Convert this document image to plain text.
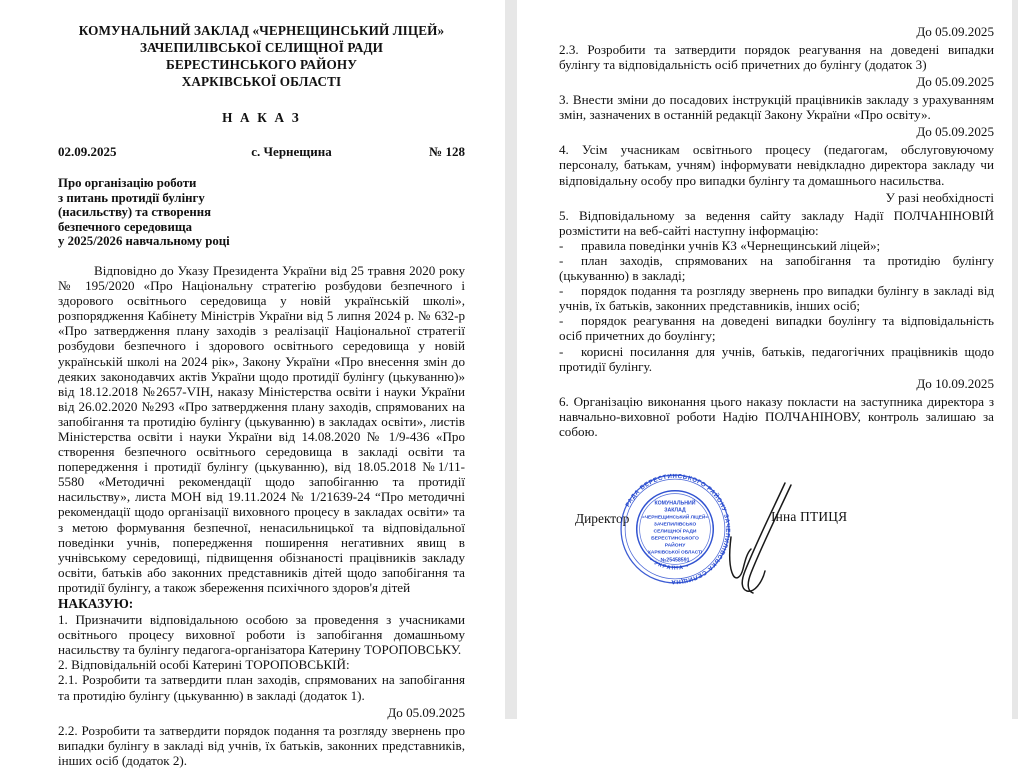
КОМУНАЛЬНИЙ ЗАКЛАД «ЧЕРНЕЩИНСЬКИЙ ЛІЦЕЙ»
ЗАЧЕПИЛІВСЬКОЇ СЕЛИЩНОЇ РАДИ
БЕРЕСТИНСЬКОГО РАЙОНУ
ХАРКІВСЬКОЇ ОБЛАСТІ
Н А К А З
02.09.2025	с. Чернещина	№ 128
Про організацію роботи
з питань протидії булінгу
(насильству) та створення
безпечного середовища
у 2025/2026 навчальному році

Відповідно до Указу Президента України від 25 травня 2020 року № 195/2020 «Про Національну стратегію розбудови безпечного і здорового освітнього середовища у новій українській школі», розпорядження Кабінету Міністрів України від 5 липня 2024 р. № 632-р «Про затвердження плану заходів з реалізації Національної стратегії розбудови безпечного і здорового освітнього середовища у новій українській школі на 2024 рік», Закону України «Про внесення змін до деяких законодавчих актів України щодо протидії булінгу (цькуванню)» від 18.12.2018 №2657-VIH, наказу Міністерства освіти і науки України від 26.02.2020 №293 «Про затвердження плану заходів, спрямованих на запобігання та протидію булінгу (цькуванню) в закладах освіти», листів Міністерства освіти і науки України від 14.08.2020 № 1/9-436 «Про створення безпечного освітнього середовища в закладі освіти та попередження і протидії булінгу (цькуванню), від 18.05.2018 №1/11-5580 «Методичні рекомендації щодо запобіганню та протидії насильству», листа МОН від 19.11.2024 № 1/21639-24 “Про методичні рекомендації щодо організації виховного процесу в закладах освіти» та з метою формування безпечної, ненасильницької та відповідальної поведінки учнів, попередження поширення негативних явищ в учнівському середовищі, підвищення обізнаності працівників закладу освіти, батьків або законних представників дітей щодо запобігання та протидії булінгу, а також збереження психічного здоров'я дітей

НАКАЗУЮ:

1. Призначити відповідальною особою за проведення з учасниками освітнього процесу виховної роботи із запобігання домашньому насильству та булінгу педагога-організатора Катерину ТОРОПОВСЬКУ.

2. Відповідальній особі Катерині ТОРОПОВСЬКІЙ:

2.1. Розробити та затвердити план заходів, спрямованих на запобігання та протидію булінгу (цькуванню) в закладі (додаток 1).

До 05.09.2025

2.2. Розробити та затвердити порядок подання та розгляду звернень про випадки булінгу в закладі від учнів, їх батьків, законних представників, інших осіб (додаток 2).

До 05.09.2025

2.3. Розробити та затвердити порядок реагування на доведені випадки булінгу та відповідальність осіб причетних до булінгу (додаток 3)

До 05.09.2025

3. Внести зміни до посадових інструкцій працівників закладу з урахуванням змін, зазначених в останній редакції Закону України «Про освіту».

До 05.09.2025

4. Усім учасникам освітнього процесу (педагогам, обслуговуючому персоналу, батькам, учням) інформувати невідкладно директора закладу чи відповідальну особу про випадки булінгу та домашнього насильства.

У разі необхідності

5. Відповідальному за ведення сайту закладу Надії ПОЛЧАНІНОВІЙ розмістити на веб-сайті наступну інформацію:

- правила поведінки учнів КЗ «Чернещинський ліцей»;

- план заходів, спрямованих на запобігання та протидію булінгу (цькуванню) в закладі;

- порядок подання та розгляду звернень про випадки булінгу в закладі від учнів, їх батьків, законних представників, інших осіб;

- порядок реагування на доведені випадки боулінгу та відповідальність осіб причетних до боулінгу;

- корисні посилання для учнів, батьків, педагогічних працівників щодо протидії булінгу.

До 10.09.2025

6. Організацію виконання цього наказу покласти на заступника директора з навчально-виховної роботи Надію ПОЛЧАНІНОВУ, контроль залишаю за собою.

Директор
РАДА БЕРЕСТИНСЬКОГО РАЙОНУ ЗАЧЕПИЛІВСЬКА СЕЛИЩНА
• УКРАЇНА •
КОМУНАЛЬНИЙ
ЗАКЛАД
«ЧЕРНЕЩИНСЬКИЙ ЛІЦЕЙ»
ЗАЧЕПИЛІВСЬКО
СЕЛИЩНОЇ РАДИ
БЕРЕСТИНСЬКОГО
РАЙОНУ
ХАРКІВСЬКОЇ ОБЛАСТІ
№25458591
Інна ПТИЦЯ
